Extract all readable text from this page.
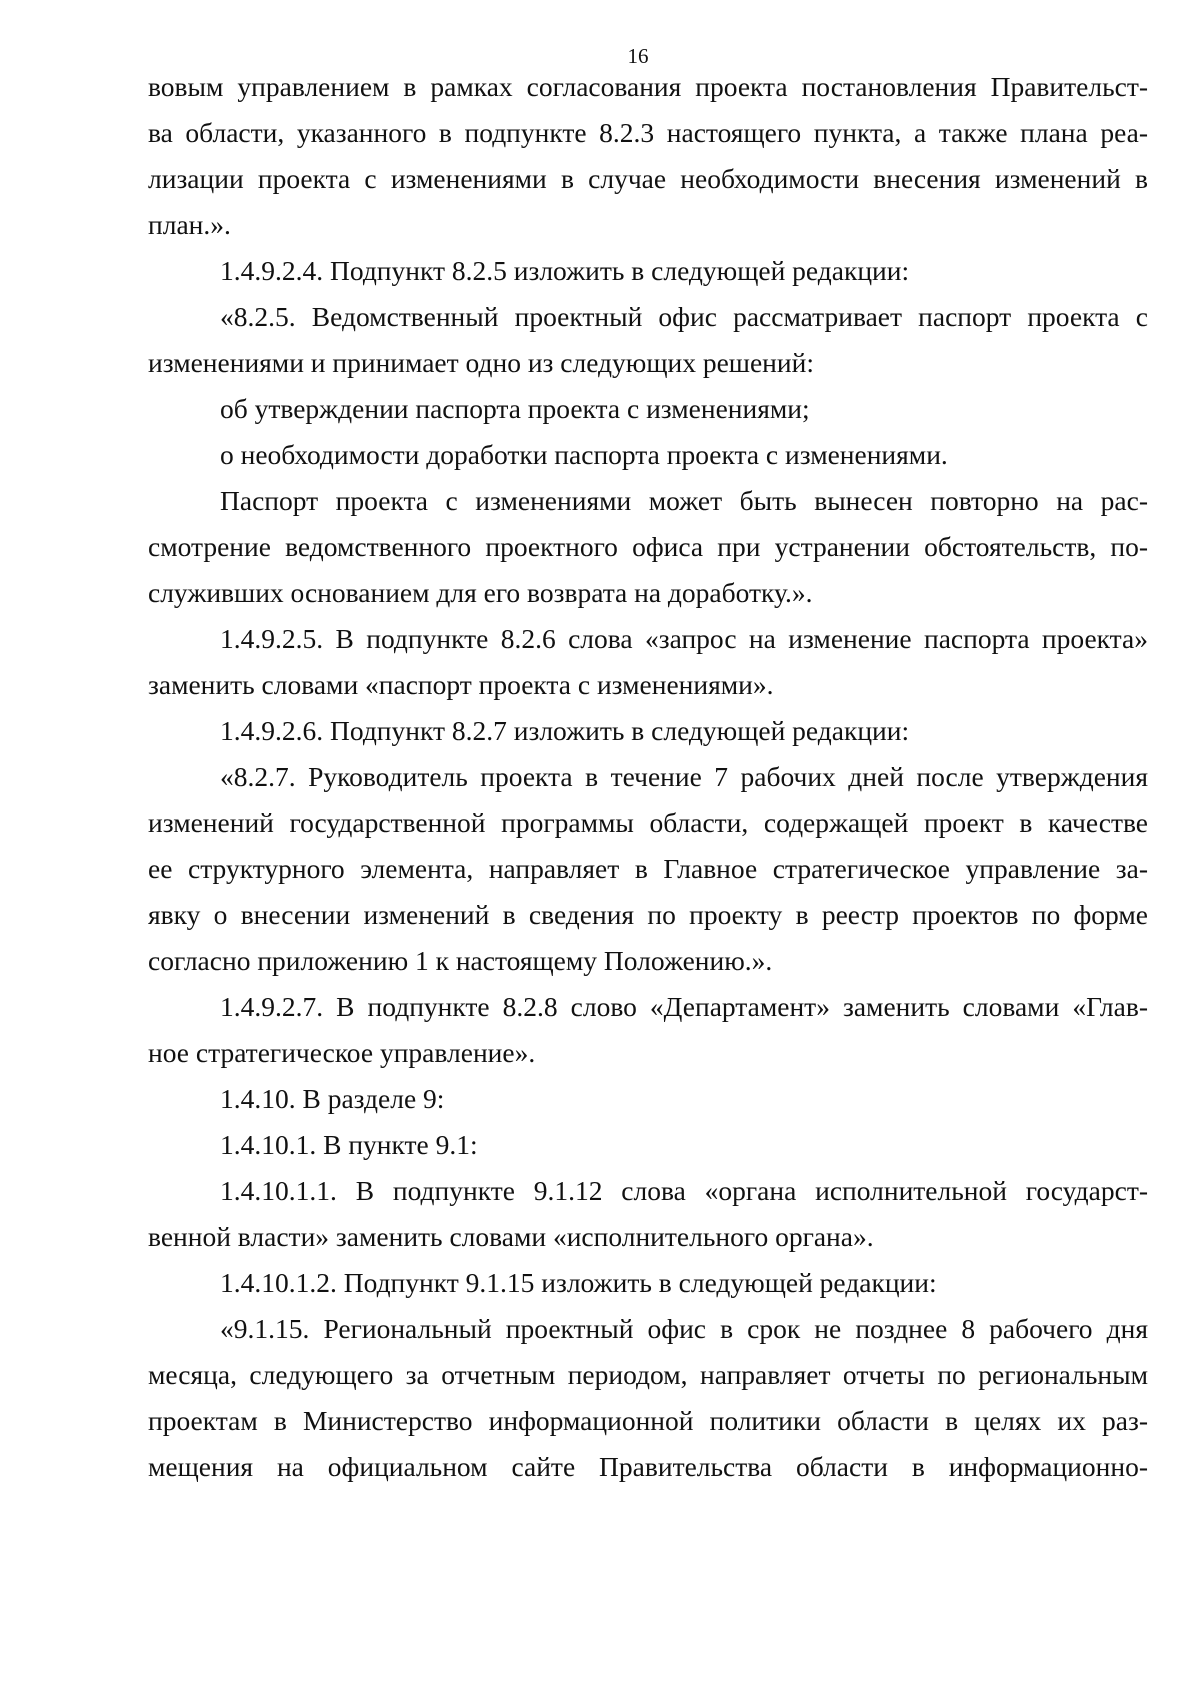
16
вовым управлением в рамках согласования проекта постановления Правительст-
ва области, указанного в подпункте 8.2.3 настоящего пункта, а также плана реа-
лизации проекта с изменениями в случае необходимости внесения изменений в
план.».
1.4.9.2.4. Подпункт 8.2.5 изложить в следующей редакции:
«8.2.5. Ведомственный проектный офис рассматривает паспорт проекта с
изменениями и принимает одно из следующих решений:
об утверждении паспорта проекта с изменениями;
о необходимости доработки паспорта проекта с изменениями.
Паспорт проекта с изменениями может быть вынесен повторно на рас-
смотрение ведомственного проектного офиса при устранении обстоятельств, по-
служивших основанием для его возврата на доработку.».
1.4.9.2.5. В подпункте 8.2.6 слова «запрос на изменение паспорта проекта»
заменить словами «паспорт проекта с изменениями».
1.4.9.2.6. Подпункт 8.2.7 изложить в следующей редакции:
«8.2.7. Руководитель проекта в течение 7 рабочих дней после утверждения
изменений государственной программы области, содержащей проект в качестве
ее структурного элемента, направляет в Главное стратегическое управление за-
явку о внесении изменений в сведения по проекту в реестр проектов по форме
согласно приложению 1 к настоящему Положению.».
1.4.9.2.7. В подпункте 8.2.8 слово «Департамент» заменить словами «Глав-
ное стратегическое управление».
1.4.10. В разделе 9:
1.4.10.1. В пункте 9.1:
1.4.10.1.1. В подпункте 9.1.12 слова «органа исполнительной государст-
венной власти» заменить словами «исполнительного органа».
1.4.10.1.2. Подпункт 9.1.15 изложить в следующей редакции:
«9.1.15. Региональный проектный офис в срок не позднее 8 рабочего дня
месяца, следующего за отчетным периодом, направляет отчеты по региональным
проектам в Министерство информационной политики области в целях их раз-
мещения на официальном сайте Правительства области в информационно-
